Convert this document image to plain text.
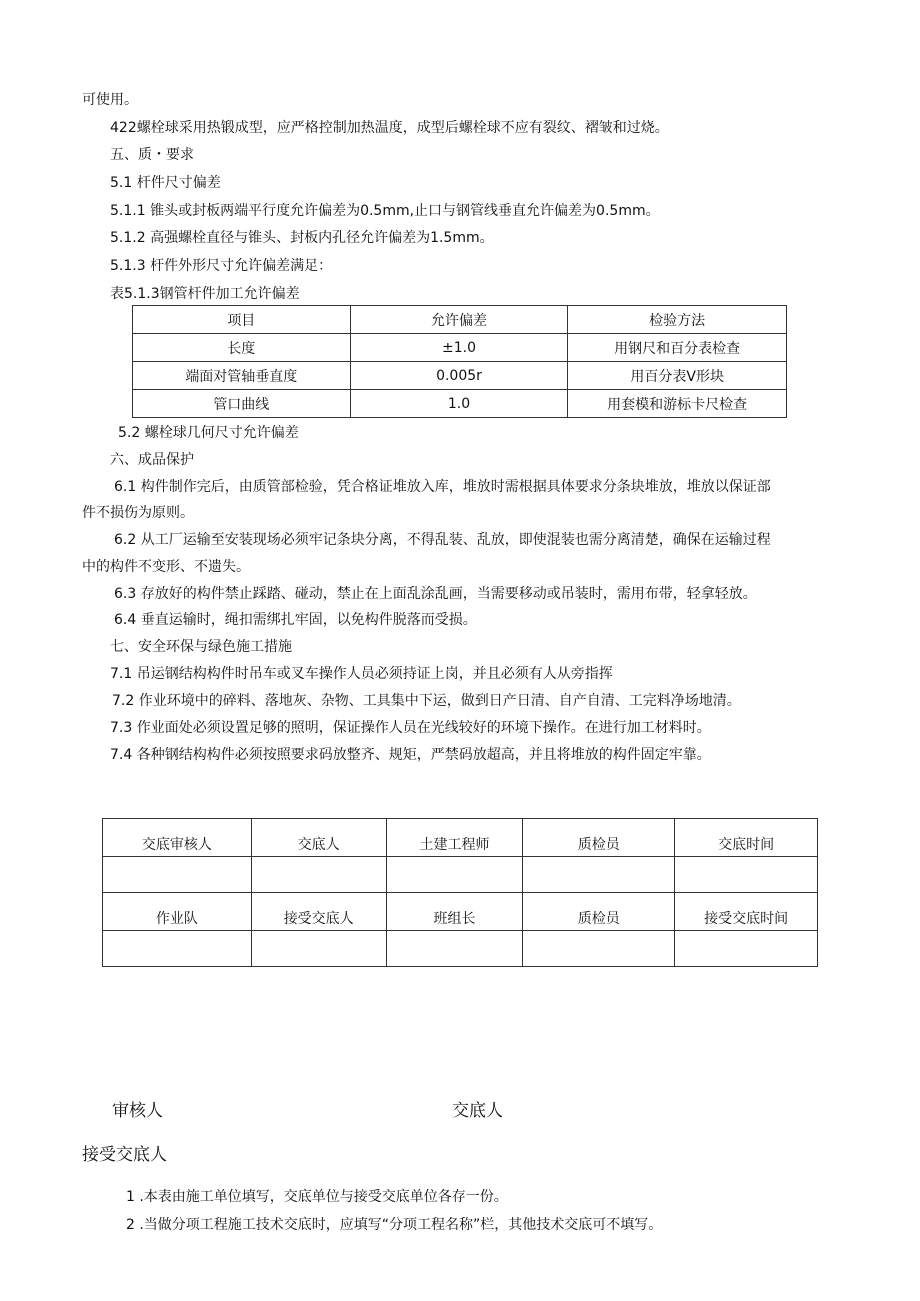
可使用。
422螺栓球采用热锻成型，应严格控制加热温度，成型后螺栓球不应有裂纹、褶皱和过烧。
五、质・要求
5.1 杆件尺寸偏差
5.1.1 锥头或封板两端平行度允许偏差为0.5mm,止口与钢管线垂直允许偏差为0.5mm。
5.1.2 高强螺栓直径与锥头、封板内孔径允许偏差为1.5mm。
5.1.3 杆件外形尺寸允许偏差满足：
表5.1.3钢管杆件加工允许偏差
项目	允许偏差	检验方法
长度	±1.0	用钢尺和百分表检查
端面对管轴垂直度	0.005r	用百分表V形块
管口曲线	1.0	用套模和游标卡尺检查
5.2 螺栓球几何尺寸允许偏差
六、成品保护
6.1 构件制作完后，由质管部检验，凭合格证堆放入库，堆放时需根据具体要求分条块堆放，堆放以保证部
件不损伤为原则。
6.2 从工厂运输至安装现场必须牢记条块分离，不得乱装、乱放，即使混装也需分离清楚，确保在运输过程
中的构件不变形、不遗失。
6.3 存放好的构件禁止踩踏、碰动，禁止在上面乱涂乱画，当需要移动或吊装时，需用布带，轻拿轻放。
6.4 垂直运输时，绳扣需绑扎牢固，以免构件脱落而受损。
七、安全环保与绿色施工措施
7.1 吊运钢结构构件时吊车或叉车操作人员必须持证上岗，并且必须有人从旁指挥
7.2 作业环境中的碎料、落地灰、杂物、工具集中下运，做到日产日清、自产自清、工完料净场地清。
7.3 作业面处必须设置足够的照明，保证操作人员在光线较好的环境下操作。在进行加工材料时。
7.4 各种钢结构构件必须按照要求码放整齐、规矩，严禁码放超高，并且将堆放的构件固定牢靠。
交底审核人	交底人	土建工程师	质检员	交底时间

作业队	接受交底人	班组长	质检员	接受交底时间

审核人	交底人
接受交底人
1 .本表由施工单位填写，交底单位与接受交底单位各存一份。
2 .当做分项工程施工技术交底时，应填写“分项工程名称”栏，其他技术交底可不填写。
